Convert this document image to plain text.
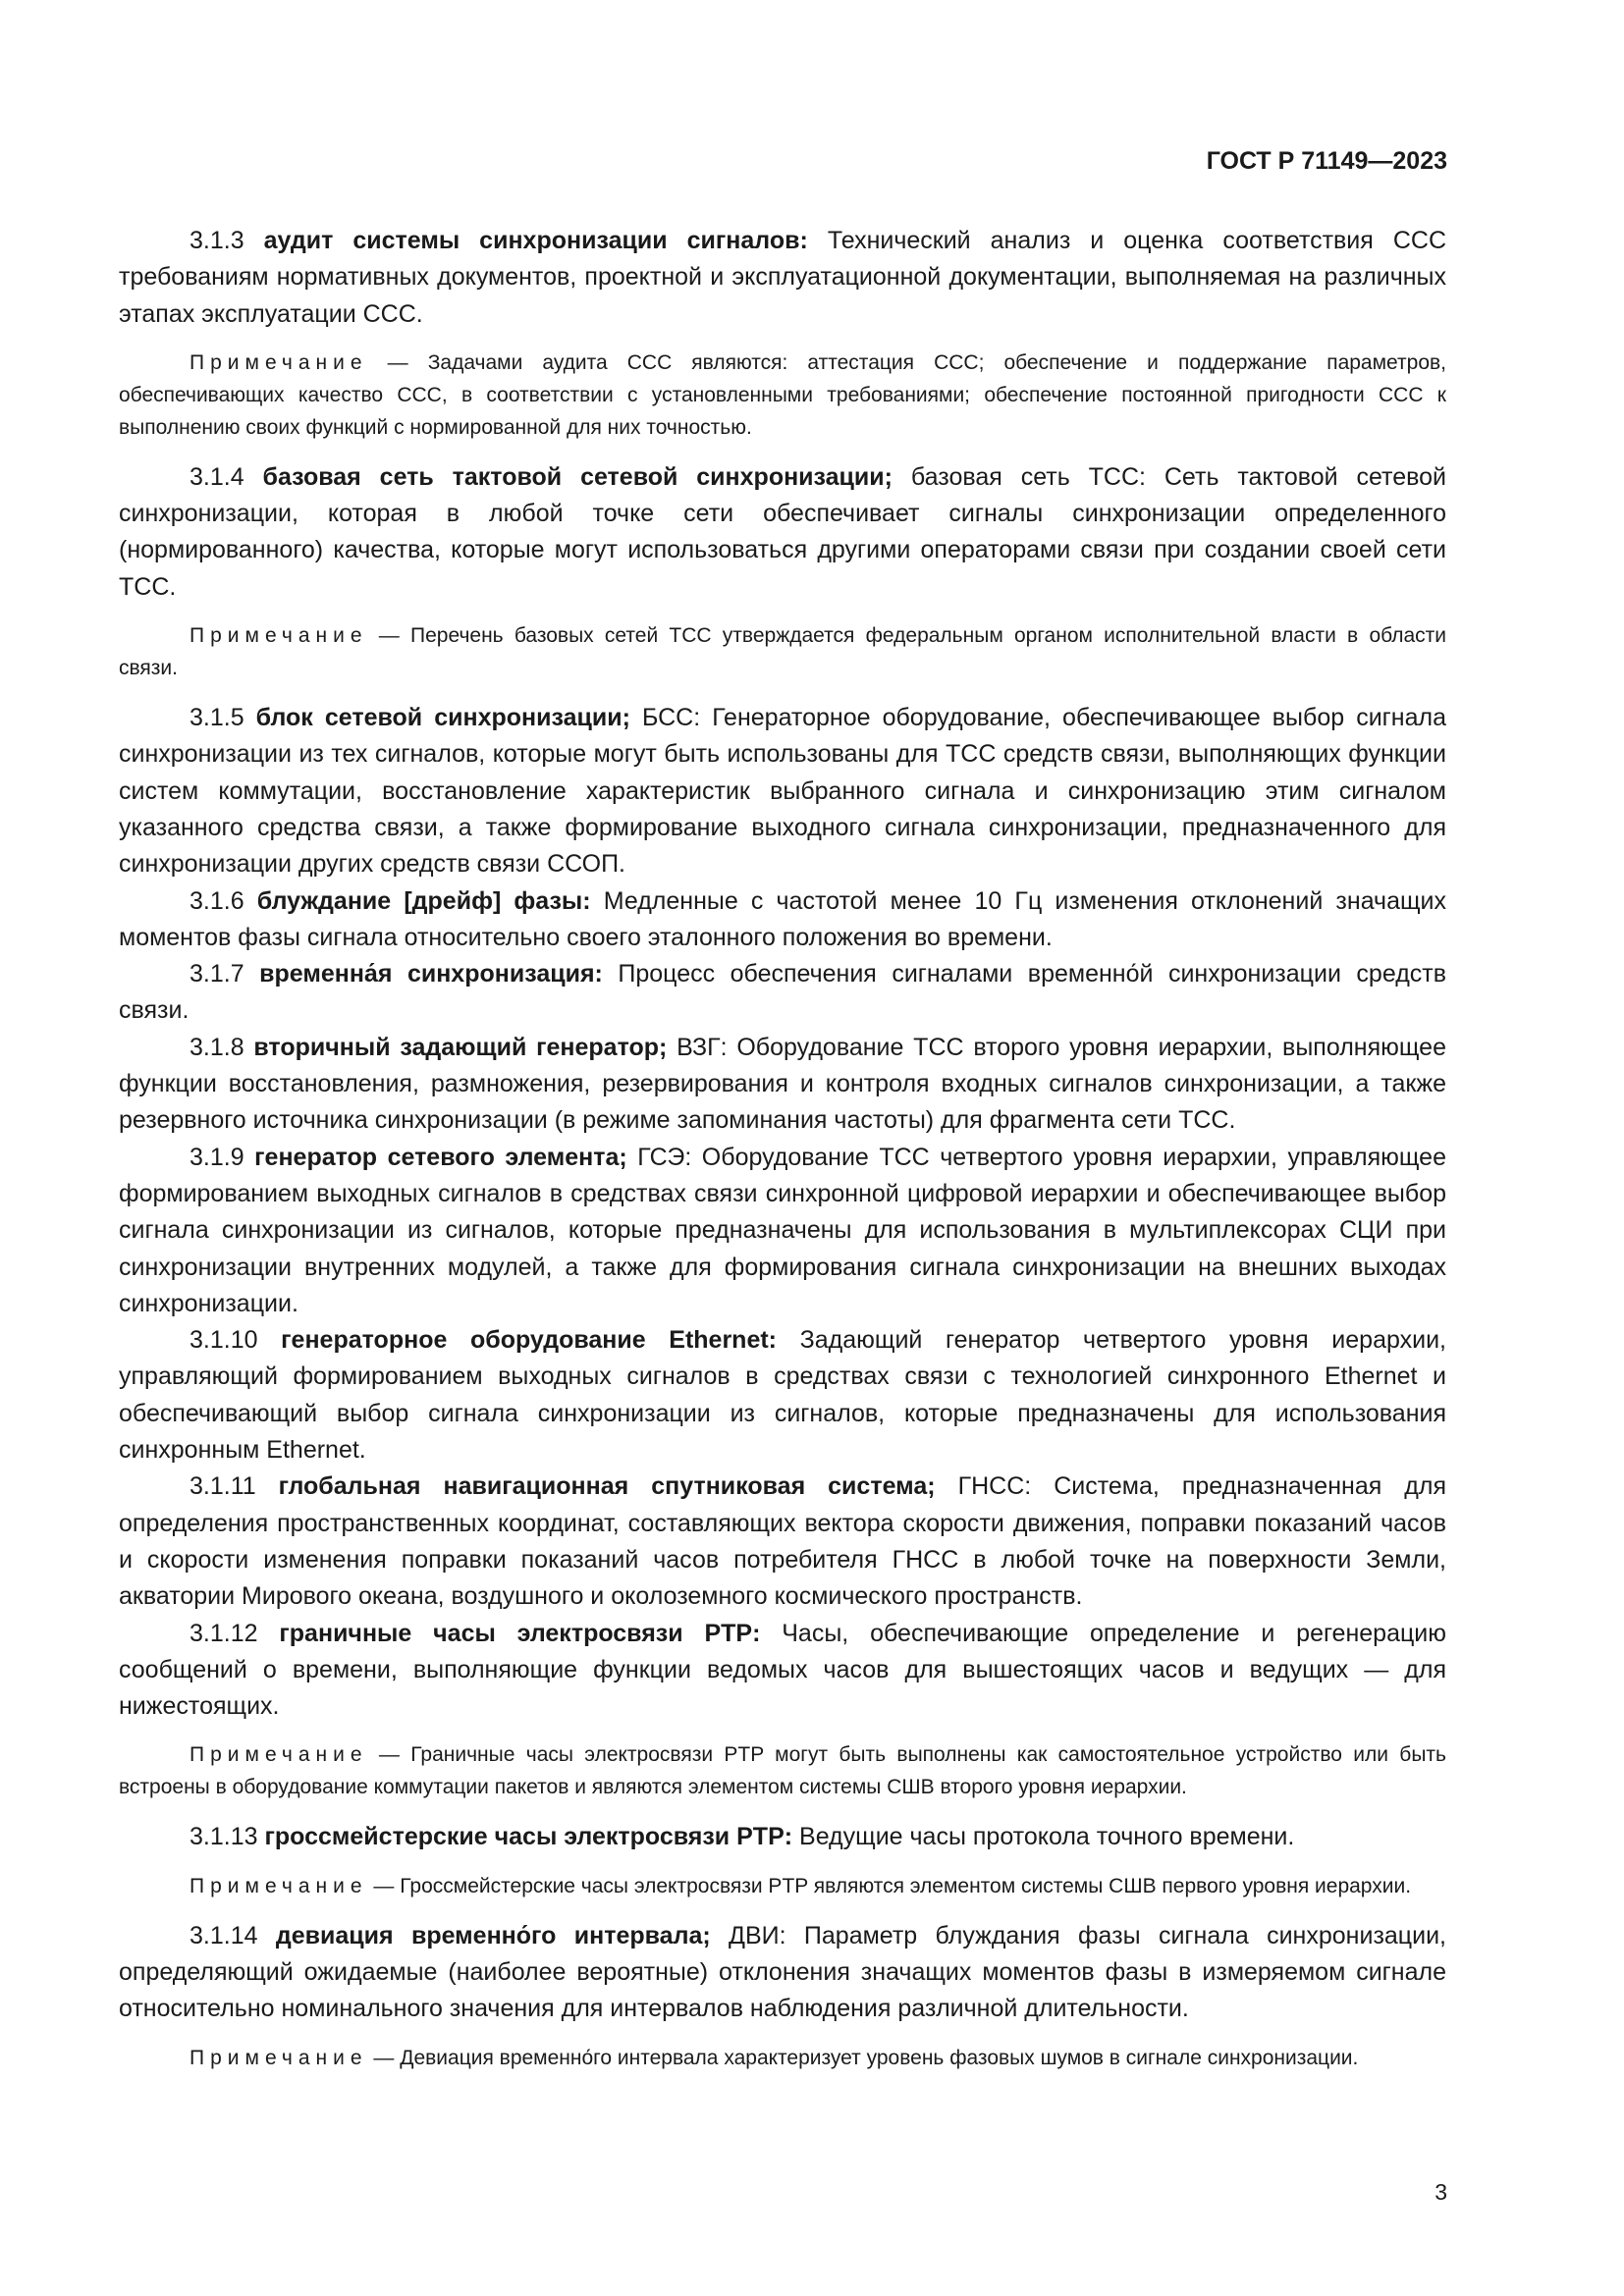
ГОСТ Р 71149—2023

3.1.3 аудит системы синхронизации сигналов: Технический анализ и оценка соответствия ССС требованиям нормативных документов, проектной и эксплуатационной документации, выполняемая на различных этапах эксплуатации ССС.

Примечание — Задачами аудита ССС являются: аттестация ССС; обеспечение и поддержание параметров, обеспечивающих качество ССС, в соответствии с установленными требованиями; обеспечение постоянной пригодности ССС к выполнению своих функций с нормированной для них точностью.

3.1.4 базовая сеть тактовой сетевой синхронизации; базовая сеть ТСС: Сеть тактовой сетевой синхронизации, которая в любой точке сети обеспечивает сигналы синхронизации определенного (нормированного) качества, которые могут использоваться другими операторами связи при создании своей сети ТСС.

Примечание — Перечень базовых сетей ТСС утверждается федеральным органом исполнительной власти в области связи.

3.1.5 блок сетевой синхронизации; БСС: Генераторное оборудование, обеспечивающее выбор сигнала синхронизации из тех сигналов, которые могут быть использованы для ТСС средств связи, выполняющих функции систем коммутации, восстановление характеристик выбранного сигнала и синхронизацию этим сигналом указанного средства связи, а также формирование выходного сигнала синхронизации, предназначенного для синхронизации других средств связи ССОП.

3.1.6 блуждание [дрейф] фазы: Медленные с частотой менее 10 Гц изменения отклонений значащих моментов фазы сигнала относительно своего эталонного положения во времени.

3.1.7 временна́я синхронизация: Процесс обеспечения сигналами временно́й синхронизации средств связи.

3.1.8 вторичный задающий генератор; ВЗГ: Оборудование ТСС второго уровня иерархии, выполняющее функции восстановления, размножения, резервирования и контроля входных сигналов синхронизации, а также резервного источника синхронизации (в режиме запоминания частоты) для фрагмента сети ТСС.

3.1.9 генератор сетевого элемента; ГСЭ: Оборудование ТСС четвертого уровня иерархии, управляющее формированием выходных сигналов в средствах связи синхронной цифровой иерархии и обеспечивающее выбор сигнала синхронизации из сигналов, которые предназначены для использования в мультиплексорах СЦИ при синхронизации внутренних модулей, а также для формирования сигнала синхронизации на внешних выходах синхронизации.

3.1.10 генераторное оборудование Ethernet: Задающий генератор четвертого уровня иерархии, управляющий формированием выходных сигналов в средствах связи с технологией синхронного Ethernet и обеспечивающий выбор сигнала синхронизации из сигналов, которые предназначены для использования синхронным Ethernet.

3.1.11 глобальная навигационная спутниковая система; ГНСС: Система, предназначенная для определения пространственных координат, составляющих вектора скорости движения, поправки показаний часов и скорости изменения поправки показаний часов потребителя ГНСС в любой точке на поверхности Земли, акватории Мирового океана, воздушного и околоземного космического пространств.

3.1.12 граничные часы электросвязи PTP: Часы, обеспечивающие определение и регенерацию сообщений о времени, выполняющие функции ведомых часов для вышестоящих часов и ведущих — для нижестоящих.

Примечание — Граничные часы электросвязи PTP могут быть выполнены как самостоятельное устройство или быть встроены в оборудование коммутации пакетов и являются элементом системы СШВ второго уровня иерархии.

3.1.13 гроссмейстерские часы электросвязи PTP: Ведущие часы протокола точного времени.

Примечание — Гроссмейстерские часы электросвязи PTP являются элементом системы СШВ первого уровня иерархии.

3.1.14 девиация временно́го интервала; ДВИ: Параметр блуждания фазы сигнала синхронизации, определяющий ожидаемые (наиболее вероятные) отклонения значащих моментов фазы в измеряемом сигнале относительно номинального значения для интервалов наблюдения различной длительности.

Примечание — Девиация временно́го интервала характеризует уровень фазовых шумов в сигнале синхронизации.

3
